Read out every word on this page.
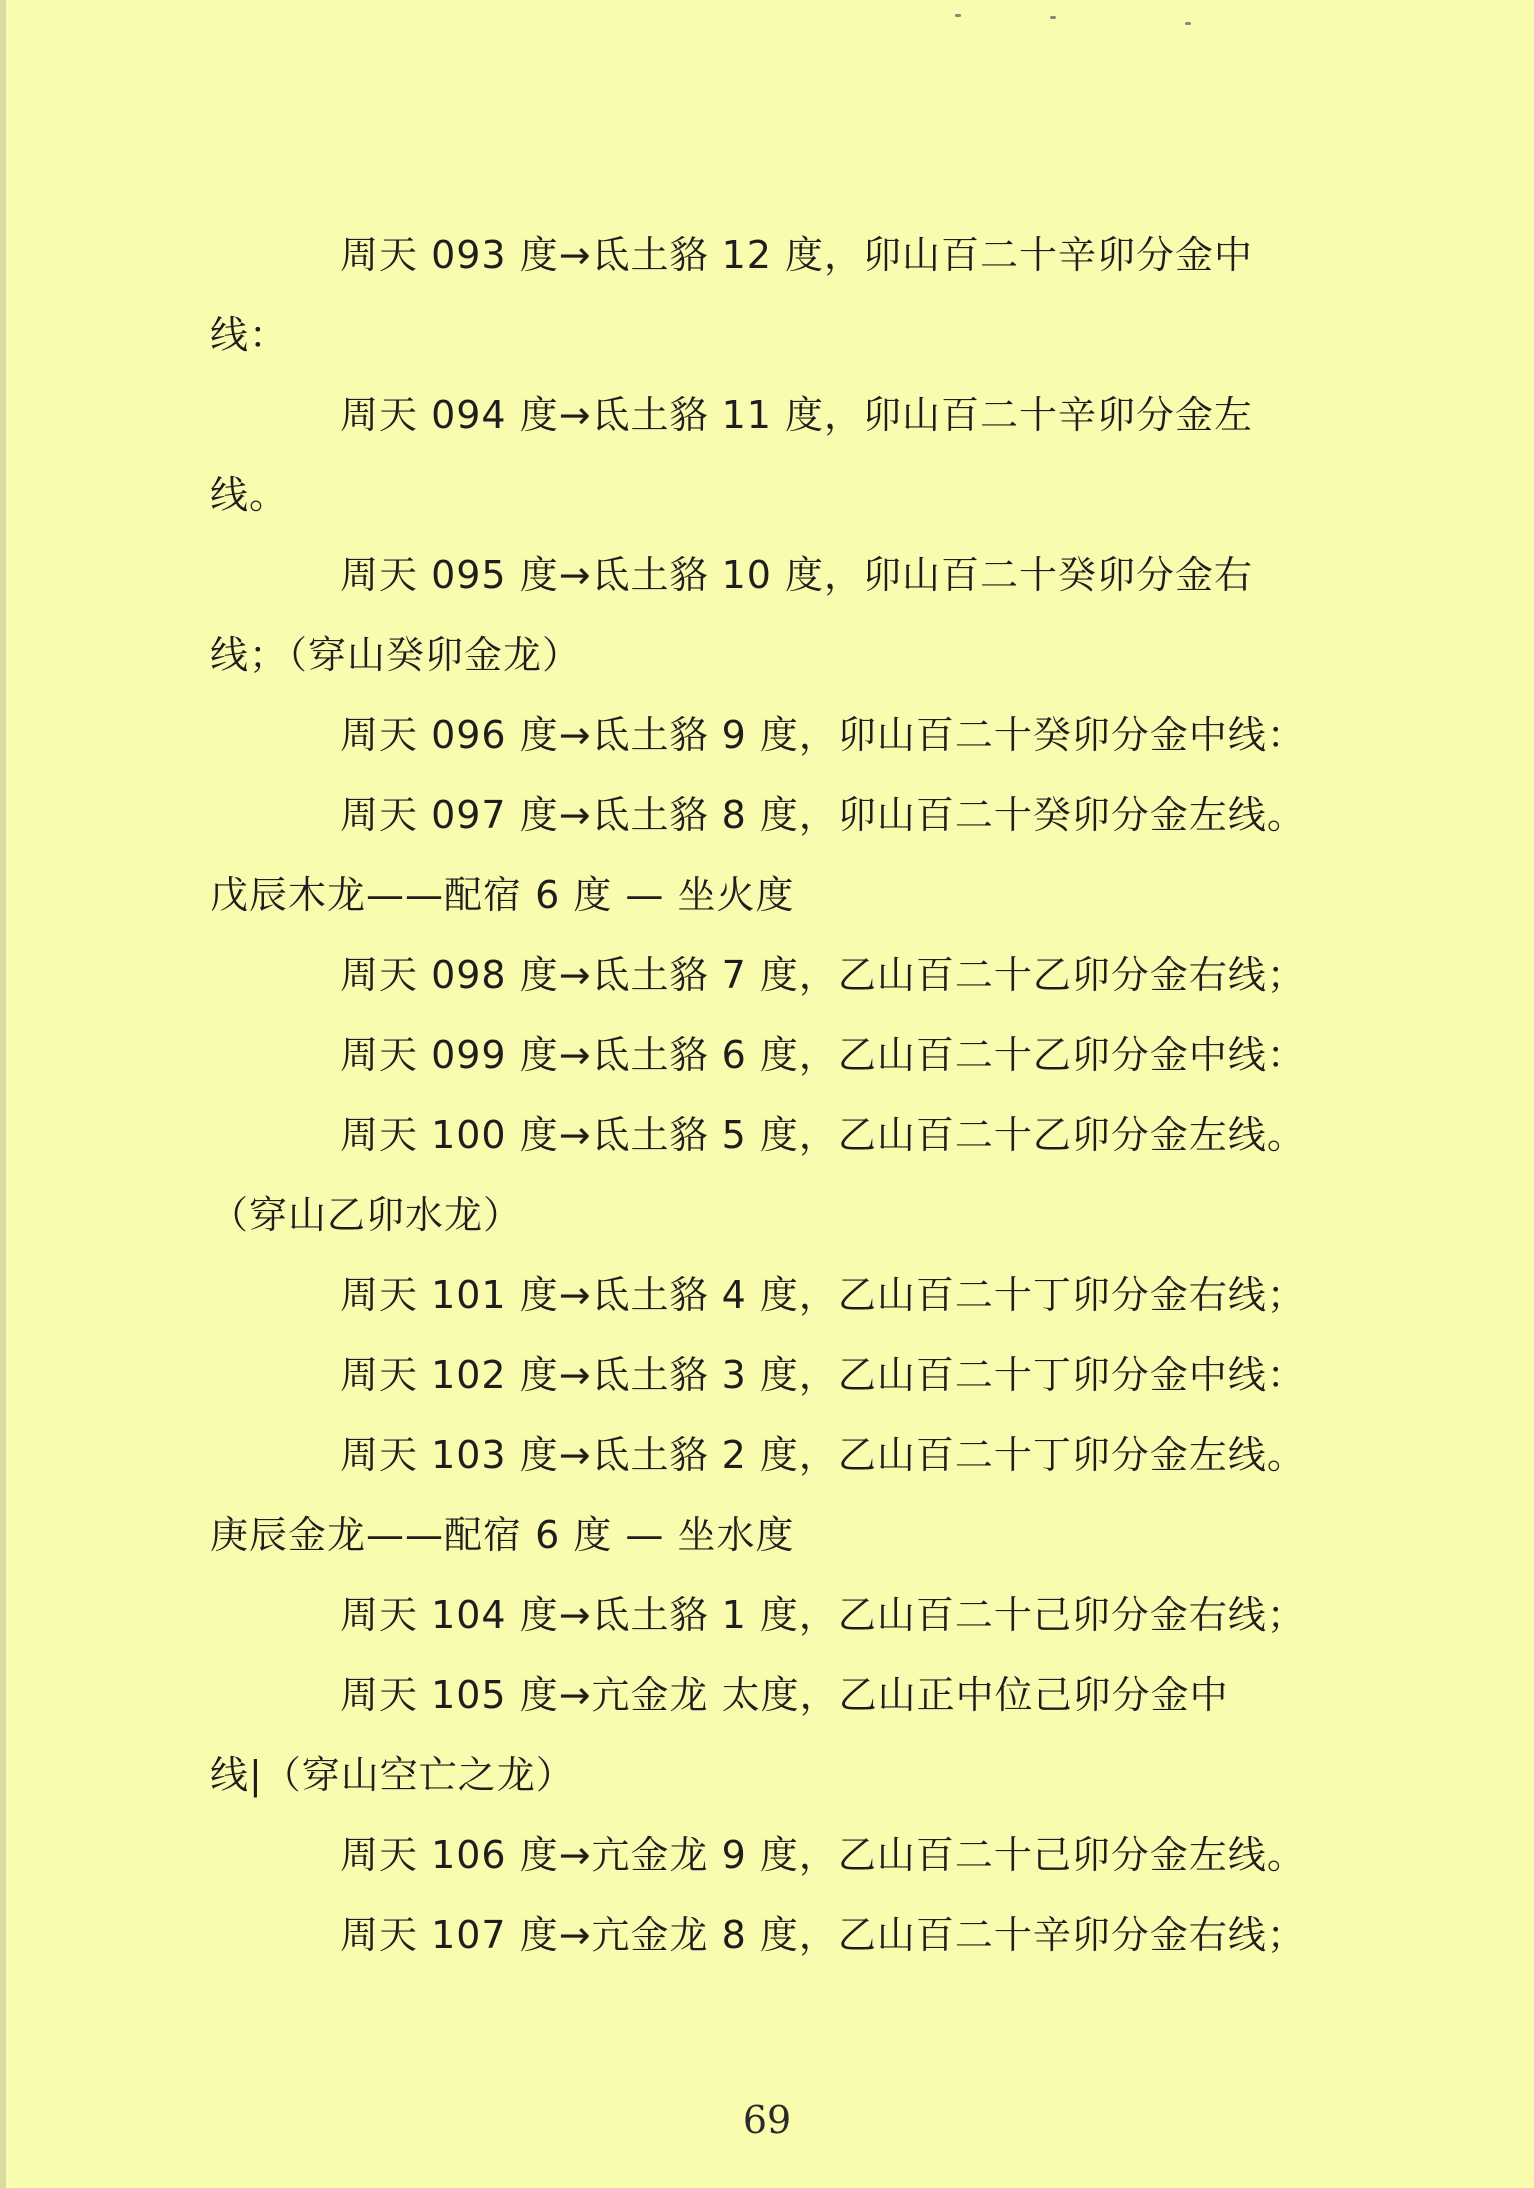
周天 093 度→氐土貉 12 度，卯山百二十辛卯分金中
线：
周天 094 度→氐土貉 11 度，卯山百二十辛卯分金左
线。
周天 095 度→氐土貉 10 度，卯山百二十癸卯分金右
线；（穿山癸卯金龙）
周天 096 度→氐土貉 9 度，卯山百二十癸卯分金中线：
周天 097 度→氐土貉 8 度，卯山百二十癸卯分金左线。
戊辰木龙——配宿 6 度 — 坐火度
周天 098 度→氐土貉 7 度，乙山百二十乙卯分金右线；
周天 099 度→氐土貉 6 度，乙山百二十乙卯分金中线：
周天 100 度→氐土貉 5 度，乙山百二十乙卯分金左线。
（穿山乙卯水龙）
周天 101 度→氐土貉 4 度，乙山百二十丁卯分金右线；
周天 102 度→氐土貉 3 度，乙山百二十丁卯分金中线：
周天 103 度→氐土貉 2 度，乙山百二十丁卯分金左线。
庚辰金龙——配宿 6 度 — 坐水度
周天 104 度→氐土貉 1 度，乙山百二十己卯分金右线；
周天 105 度→亢金龙 太度，乙山正中位己卯分金中
线|（穿山空亡之龙）
周天 106 度→亢金龙 9 度，乙山百二十己卯分金左线。
周天 107 度→亢金龙 8 度，乙山百二十辛卯分金右线；
69
